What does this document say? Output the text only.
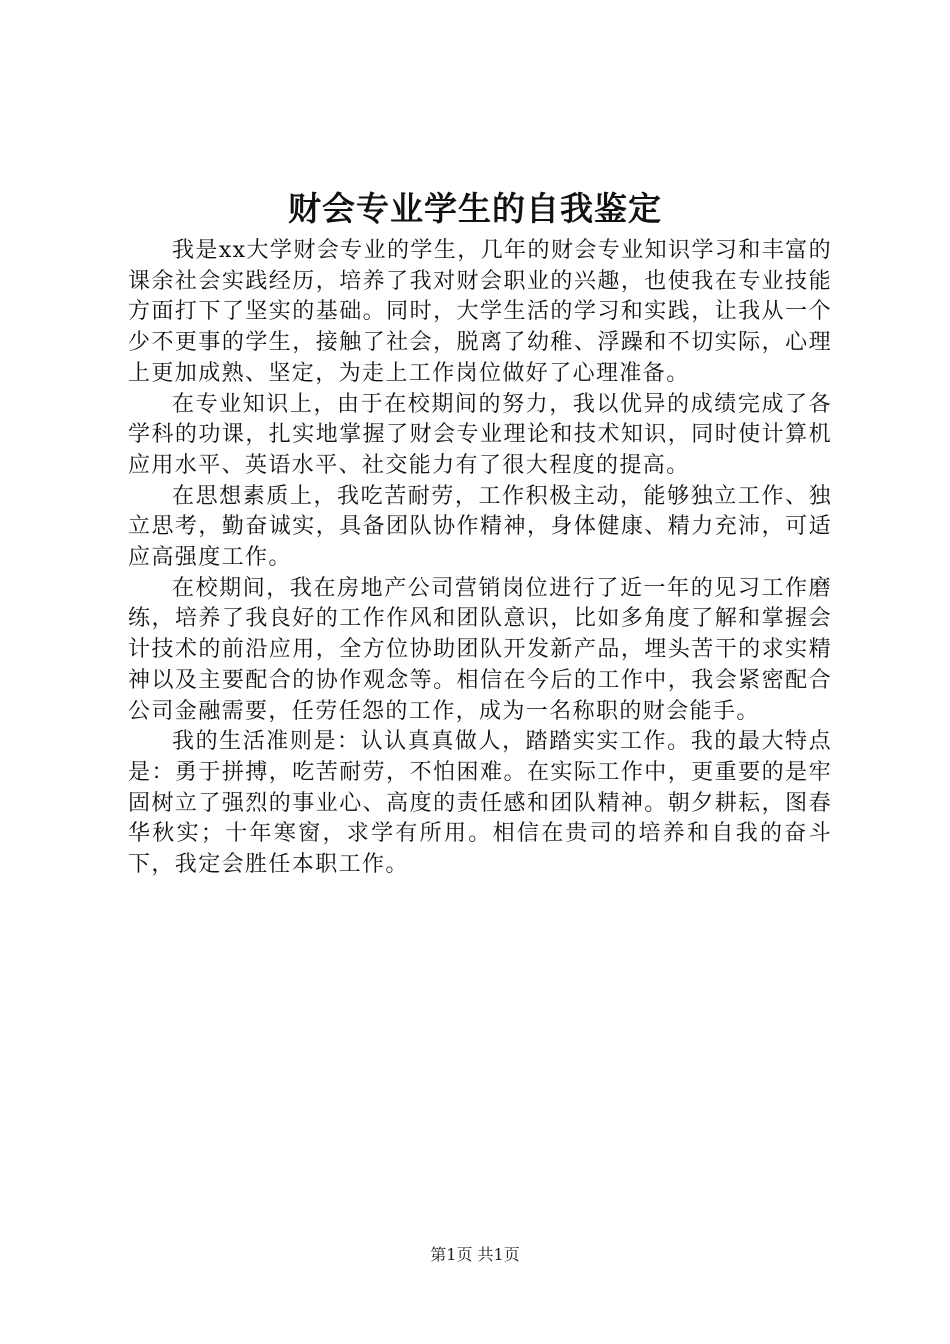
财会专业学生的自我鉴定

我是xx大学财会专业的学生，几年的财会专业知识学习和丰富的课余社会实践经历，培养了我对财会职业的兴趣，也使我在专业技能方面打下了坚实的基础。同时，大学生活的学习和实践，让我从一个少不更事的学生，接触了社会，脱离了幼稚、浮躁和不切实际，心理上更加成熟、坚定，为走上工作岗位做好了心理准备。

在专业知识上，由于在校期间的努力，我以优异的成绩完成了各学科的功课，扎实地掌握了财会专业理论和技术知识，同时使计算机应用水平、英语水平、社交能力有了很大程度的提高。

在思想素质上，我吃苦耐劳，工作积极主动，能够独立工作、独立思考，勤奋诚实，具备团队协作精神，身体健康、精力充沛，可适应高强度工作。

在校期间，我在房地产公司营销岗位进行了近一年的见习工作磨练，培养了我良好的工作作风和团队意识，比如多角度了解和掌握会计技术的前沿应用，全方位协助团队开发新产品，埋头苦干的求实精神以及主要配合的协作观念等。相信在今后的工作中，我会紧密配合公司金融需要，任劳任怨的工作，成为一名称职的财会能手。

我的生活准则是：认认真真做人，踏踏实实工作。我的最大特点是：勇于拼搏，吃苦耐劳，不怕困难。在实际工作中，更重要的是牢固树立了强烈的事业心、高度的责任感和团队精神。朝夕耕耘，图春华秋实；十年寒窗，求学有所用。相信在贵司的培养和自我的奋斗下，我定会胜任本职工作。

第1页 共1页
